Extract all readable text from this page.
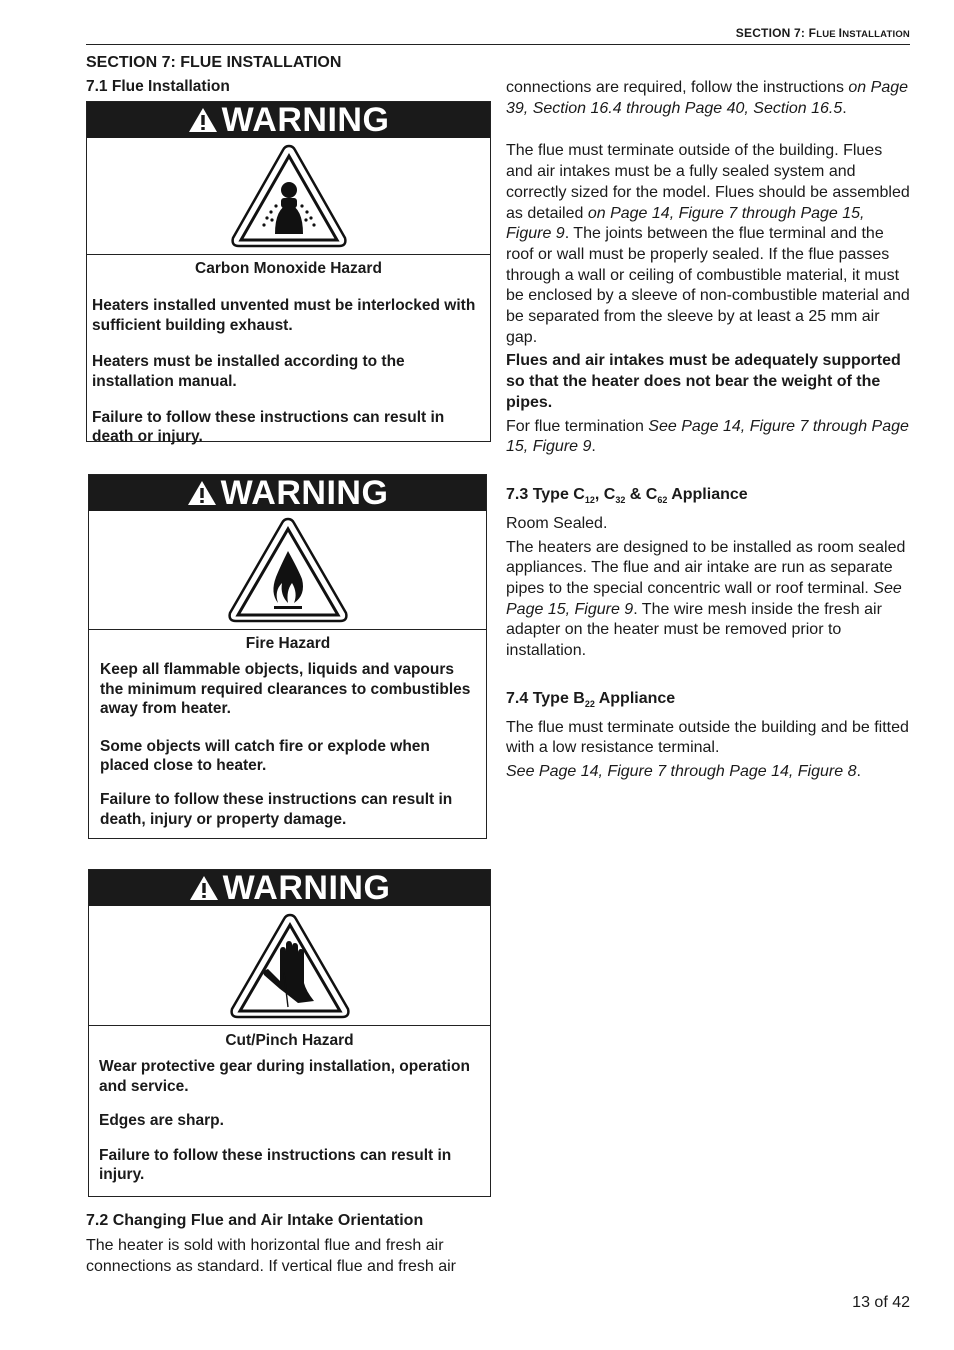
SECTION 7: FLUE INSTALLATION
SECTION 7: FLUE INSTALLATION
7.1 Flue Installation
WARNING

Carbon Monoxide Hazard

Heaters installed unvented must be interlocked with sufficient building exhaust.

Heaters must be installed according to the installation manual.

Failure to follow these instructions can result in death or injury.

WARNING

Fire Hazard

Keep all flammable objects, liquids and vapours the minimum required clearances to combustibles away from heater.

Some objects will catch fire or explode when placed close to heater.

Failure to follow these instructions can result in death, injury or property damage.

WARNING

Cut/Pinch Hazard

Wear protective gear during installation, operation and service.

Edges are sharp.

Failure to follow these instructions can result in injury.

7.2 Changing Flue and Air Intake Orientation
The heater is sold with horizontal flue and fresh air connections as standard. If vertical flue and fresh air

connections are required, follow the instructions on Page 39, Section 16.4 through Page 40, Section 16.5.

The flue must terminate outside of the building. Flues and air intakes must be a fully sealed system and correctly sized for the model. Flues should be assembled as detailed on Page 14, Figure 7 through Page 15, Figure 9. The joints between the flue terminal and the roof or wall must be properly sealed. If the flue passes through a wall or ceiling of combustible material, it must be enclosed by a sleeve of non-combustible material and be separated from the sleeve by at least a 25 mm air gap.

Flues and air intakes must be adequately supported so that the heater does not bear the weight of the pipes.

For flue termination See Page 14, Figure 7 through Page 15, Figure 9.

7.3 Type $C_{12}$, $C_{32}$ & $C_{62}$ Appliance

Room Sealed.

The heaters are designed to be installed as room sealed appliances. The flue and air intake are run as separate pipes to the special concentric wall or roof terminal. See Page 15, Figure 9. The wire mesh inside the fresh air adapter on the heater must be removed prior to installation.

7.4 Type $B_{22}$ Appliance

The flue must terminate outside the building and be fitted with a low resistance terminal.

See Page 14, Figure 7 through Page 14, Figure 8.

13 of 42
